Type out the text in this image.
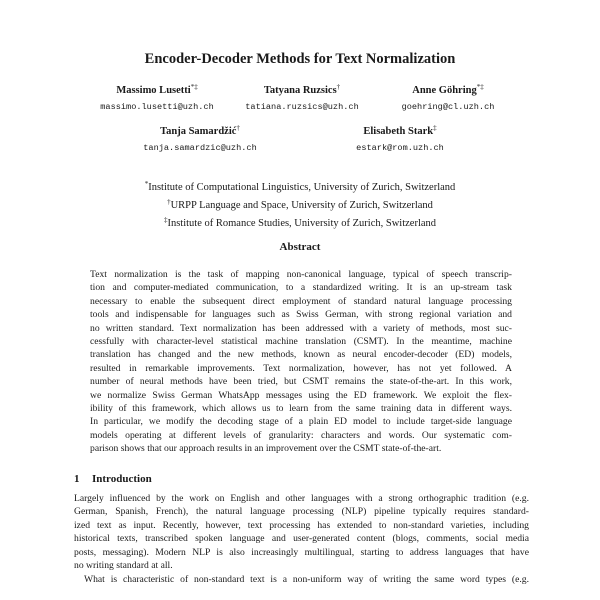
Encoder-Decoder Methods for Text Normalization
Massimo Lusetti*‡
massimo.lusetti@uzh.ch
Tatyana Ruzsics†
tatiana.ruzsics@uzh.ch
Anne Göhring*‡
goehring@cl.uzh.ch
Tanja Samardžić†
tanja.samardzic@uzh.ch
Elisabeth Stark‡
estark@rom.uzh.ch
*Institute of Computational Linguistics, University of Zurich, Switzerland
†URPP Language and Space, University of Zurich, Switzerland
‡Institute of Romance Studies, University of Zurich, Switzerland
Abstract
Text normalization is the task of mapping non-canonical language, typical of speech transcrip-
tion and computer-mediated communication, to a standardized writing. It is an up-stream task
necessary to enable the subsequent direct employment of standard natural language processing
tools and indispensable for languages such as Swiss German, with strong regional variation and
no written standard. Text normalization has been addressed with a variety of methods, most suc-
cessfully with character-level statistical machine translation (CSMT). In the meantime, machine
translation has changed and the new methods, known as neural encoder-decoder (ED) models,
resulted in remarkable improvements. Text normalization, however, has not yet followed. A
number of neural methods have been tried, but CSMT remains the state-of-the-art. In this work,
we normalize Swiss German WhatsApp messages using the ED framework. We exploit the flex-
ibility of this framework, which allows us to learn from the same training data in different ways.
In particular, we modify the decoding stage of a plain ED model to include target-side language
models operating at different levels of granularity: characters and words. Our systematic com-
parison shows that our approach results in an improvement over the CSMT state-of-the-art.
1 Introduction
Largely influenced by the work on English and other languages with a strong orthographic tradition (e.g.
German, Spanish, French), the natural language processing (NLP) pipeline typically requires standard-
ized text as input. Recently, however, text processing has extended to non-standard varieties, including
historical texts, transcribed spoken language and user-generated content (blogs, comments, social media
posts, messaging). Modern NLP is also increasingly multilingual, starting to address languages that have
no writing standard at all.
What is characteristic of non-standard text is a non-uniform way of writing the same word types (e.g.
